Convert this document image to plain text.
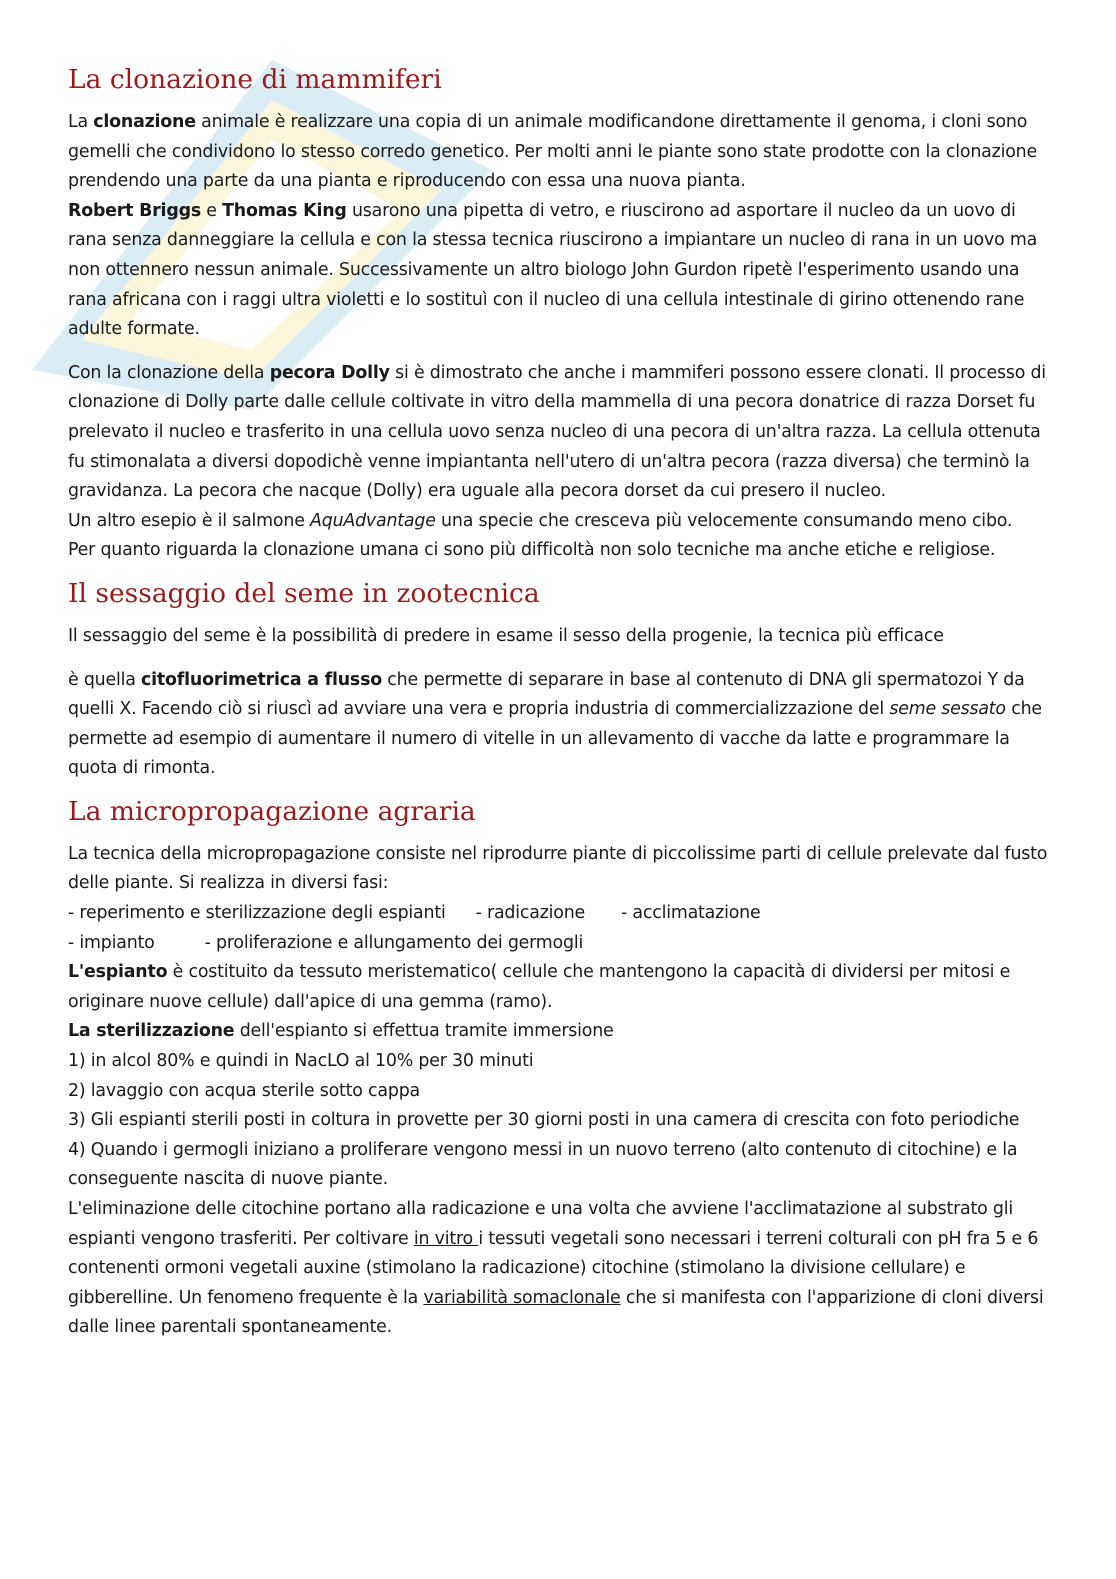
La clonazione di mammiferi

La clonazione animale è realizzare una copia di un animale modificandone direttamente il genoma, i cloni sono gemelli che condividono lo stesso corredo genetico. Per molti anni le piante sono state prodotte con la clonazione prendendo una parte da una pianta e riproducendo con essa una nuova pianta.

Robert Briggs e Thomas King usarono una pipetta di vetro, e riuscirono ad asportare il nucleo da un uovo di rana senza danneggiare la cellula e con la stessa tecnica riuscirono a impiantare un nucleo di rana in un uovo ma non ottennero nessun animale. Successivamente un altro biologo John Gurdon ripetè l'esperimento usando una rana africana con i raggi ultra violetti e lo sostituì con il nucleo di una cellula intestinale di girino ottenendo rane adulte formate.

Con la clonazione della pecora Dolly si è dimostrato che anche i mammiferi possono essere clonati. Il processo di clonazione di Dolly parte dalle cellule coltivate in vitro della mammella di una pecora donatrice di razza Dorset fu prelevato il nucleo e trasferito in una cellula uovo senza nucleo di una pecora di un'altra razza. La cellula ottenuta fu stimonalata a diversi dopodichè venne impiantanta nell'utero di un'altra pecora (razza diversa) che terminò la gravidanza. La pecora che nacque (Dolly) era uguale alla pecora dorset da cui presero il nucleo.

Un altro esepio è il salmone AquAdvantage una specie che cresceva più velocemente consumando meno cibo.

Per quanto riguarda la clonazione umana ci sono più difficoltà non solo tecniche ma anche etiche e religiose.

Il sessaggio del seme in zootecnica

Il sessaggio del seme è la possibilità di predere in esame il sesso della progenie, la tecnica più efficace

è quella citofluorimetrica a flusso che permette di separare in base al contenuto di DNA gli spermatozoi Y da quelli X. Facendo ciò si riuscì ad avviare una vera e propria industria di commercializzazione del seme sessato che permette ad esempio di aumentare il numero di vitelle in un allevamento di vacche da latte e programmare la quota di rimonta.

La micropropagazione agraria

La tecnica della micropropagazione consiste nel riprodurre piante di piccolissime parti di cellule prelevate dal fusto delle piante. Si realizza in diversi fasi:

- reperimento e sterilizzazione degli espianti - radicazione - acclimatazione

- impianto	- proliferazione e allungamento dei germogli

L'espianto è costituito da tessuto meristematico( cellule che mantengono la capacità di dividersi per mitosi e originare nuove cellule) dall'apice di una gemma (ramo).

La sterilizzazione dell'espianto si effettua tramite immersione

1) in alcol 80% e quindi in NacLO al 10% per 30 minuti

2) lavaggio con acqua sterile sotto cappa

3) Gli espianti sterili posti in coltura in provette per 30 giorni posti in una camera di crescita con foto periodiche

4) Quando i germogli iniziano a proliferare vengono messi in un nuovo terreno (alto contenuto di citochine) e la conseguente nascita di nuove piante.

L'eliminazione delle citochine portano alla radicazione e una volta che avviene l'acclimatazione al substrato gli espianti vengono trasferiti. Per coltivare in vitro i tessuti vegetali sono necessari i terreni colturali con pH fra 5 e 6 contenenti ormoni vegetali auxine (stimolano la radicazione) citochine (stimolano la divisione cellulare) e gibberelline. Un fenomeno frequente è la variabilità somaclonale che si manifesta con l'apparizione di cloni diversi dalle linee parentali spontaneamente.
